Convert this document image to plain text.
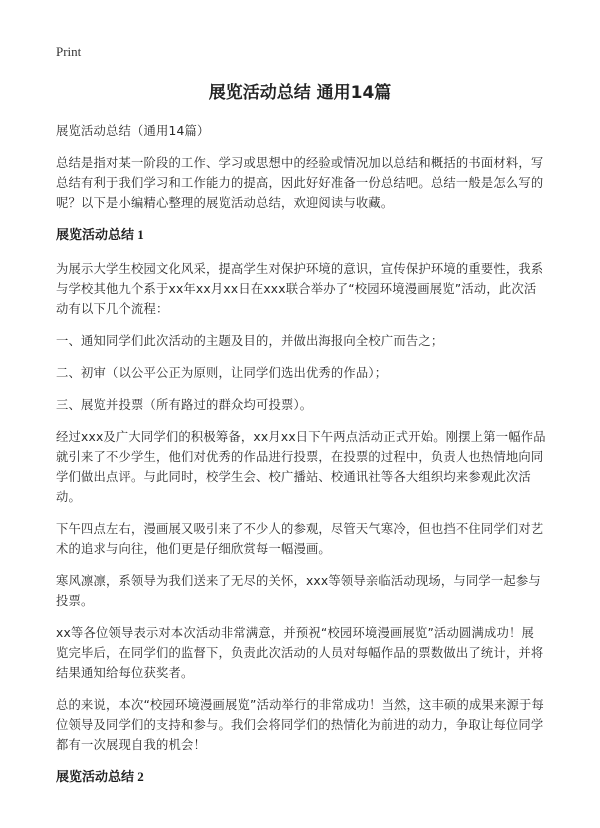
Print
展览活动总结 通用14篇

展览活动总结（通用14篇）

总结是指对某一阶段的工作、学习或思想中的经验或情况加以总结和概括的书面材料，写总结有利于我们学习和工作能力的提高，因此好好准备一份总结吧。总结一般是怎么写的呢？以下是小编精心整理的展览活动总结，欢迎阅读与收藏。

展览活动总结 1

为展示大学生校园文化风采，提高学生对保护环境的意识，宣传保护环境的重要性，我系与学校其他九个系于xx年xx月xx日在xxx联合举办了“校园环境漫画展览”活动，此次活动有以下几个流程：

一、通知同学们此次活动的主题及目的，并做出海报向全校广而告之；

二、初审（以公平公正为原则，让同学们选出优秀的作品）；

三、展览并投票（所有路过的群众均可投票）。

经过xxx及广大同学们的积极筹备，xx月xx日下午两点活动正式开始。刚摆上第一幅作品就引来了不少学生，他们对优秀的作品进行投票，在投票的过程中，负责人也热情地向同学们做出点评。与此同时，校学生会、校广播站、校通讯社等各大组织均来参观此次活动。

下午四点左右，漫画展又吸引来了不少人的参观，尽管天气寒冷，但也挡不住同学们对艺术的追求与向往，他们更是仔细欣赏每一幅漫画。

寒风凛凛，系领导为我们送来了无尽的关怀，xxx等领导亲临活动现场，与同学一起参与投票。

xx等各位领导表示对本次活动非常满意，并预祝“校园环境漫画展览”活动圆满成功！展览完毕后，在同学们的监督下，负责此次活动的人员对每幅作品的票数做出了统计，并将结果通知给每位获奖者。

总的来说，本次“校园环境漫画展览”活动举行的非常成功！当然，这丰硕的成果来源于每位领导及同学们的支持和参与。我们会将同学们的热情化为前进的动力，争取让每位同学都有一次展现自我的机会！

展览活动总结 2
